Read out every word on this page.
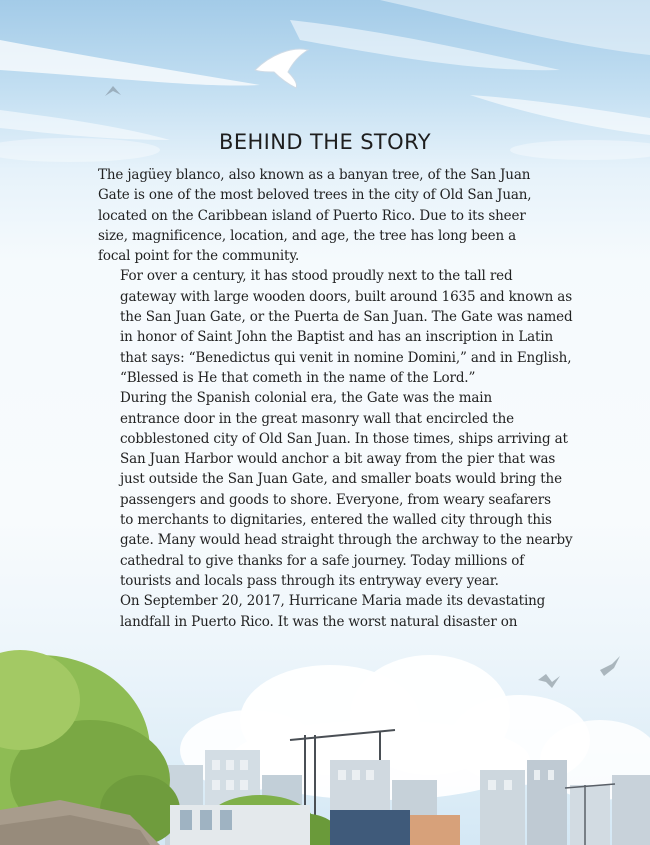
BEHIND THE STORY

The jagüey blanco, also known as a banyan tree, of the San Juan
Gate is one of the most beloved trees in the city of Old San Juan,
located on the Caribbean island of Puerto Rico. Due to its sheer
size, magnificence, location, and age, the tree has long been a
focal point for the community.

For over a century, it has stood proudly next to the tall red
gateway with large wooden doors, built around 1635 and known as
the San Juan Gate, or the Puerta de San Juan. The Gate was named
in honor of Saint John the Baptist and has an inscription in Latin
that says: “Benedictus qui venit in nomine Domini,” and in English,
“Blessed is He that cometh in the name of the Lord.”

During the Spanish colonial era, the Gate was the main
entrance door in the great masonry wall that encircled the
cobblestoned city of Old San Juan. In those times, ships arriving at
San Juan Harbor would anchor a bit away from the pier that was
just outside the San Juan Gate, and smaller boats would bring the
passengers and goods to shore. Everyone, from weary seafarers
to merchants to dignitaries, entered the walled city through this
gate. Many would head straight through the archway to the nearby
cathedral to give thanks for a safe journey. Today millions of
tourists and locals pass through its entryway every year.

On September 20, 2017, Hurricane Maria made its devastating
landfall in Puerto Rico. It was the worst natural disaster on
